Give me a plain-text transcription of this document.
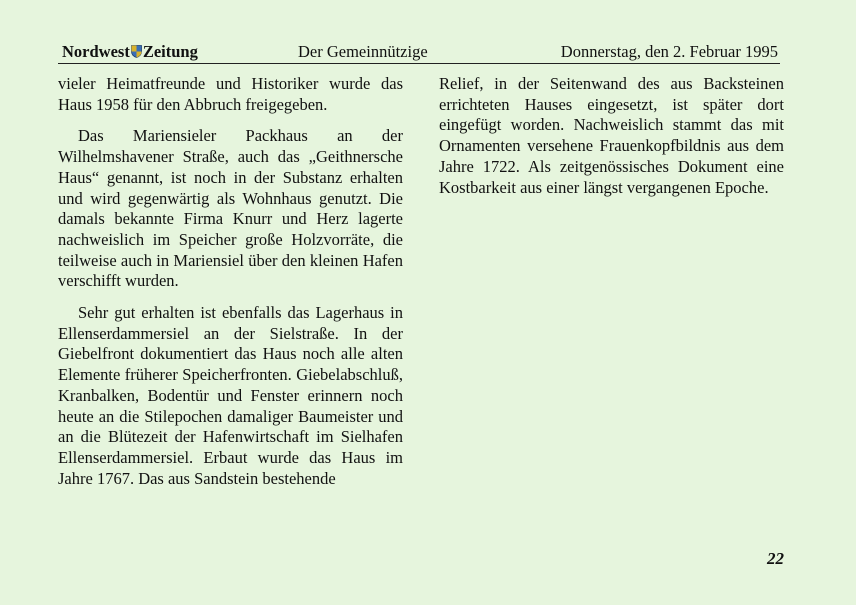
Nordwest Zeitung	Der Gemeinnützige	Donnerstag, den 2. Februar 1995

vieler Heimatfreunde und Historiker wurde das Haus 1958 für den Abbruch freigegeben.

Das Mariensieler Packhaus an der Wilhelmshavener Straße, auch das „Geithnersche Haus“ genannt, ist noch in der Substanz erhalten und wird gegenwärtig als Wohnhaus genutzt. Die damals bekannte Firma Knurr und Herz lagerte nachweislich im Speicher große Holzvorräte, die teilweise auch in Mariensiel über den kleinen Hafen verschifft wurden.

Sehr gut erhalten ist ebenfalls das Lagerhaus in Ellenserdammersiel an der Sielstraße. In der Giebelfront dokumentiert das Haus noch alle alten Elemente früherer Speicherfronten. Giebelabschluß, Kranbalken, Bodentür und Fenster erinnern noch heute an die Stilepochen damaliger Baumeister und an die Blütezeit der Hafenwirtschaft im Sielhafen Ellenserdammersiel. Erbaut wurde das Haus im Jahre 1767. Das aus Sandstein bestehende

Relief, in der Seitenwand des aus Backsteinen errichteten Hauses eingesetzt, ist später dort eingefügt worden. Nachweislich stammt das mit Ornamenten versehene Frauenkopfbildnis aus dem Jahre 1722. Als zeitgenössisches Dokument eine Kostbarkeit aus einer längst vergangenen Epoche.

22
